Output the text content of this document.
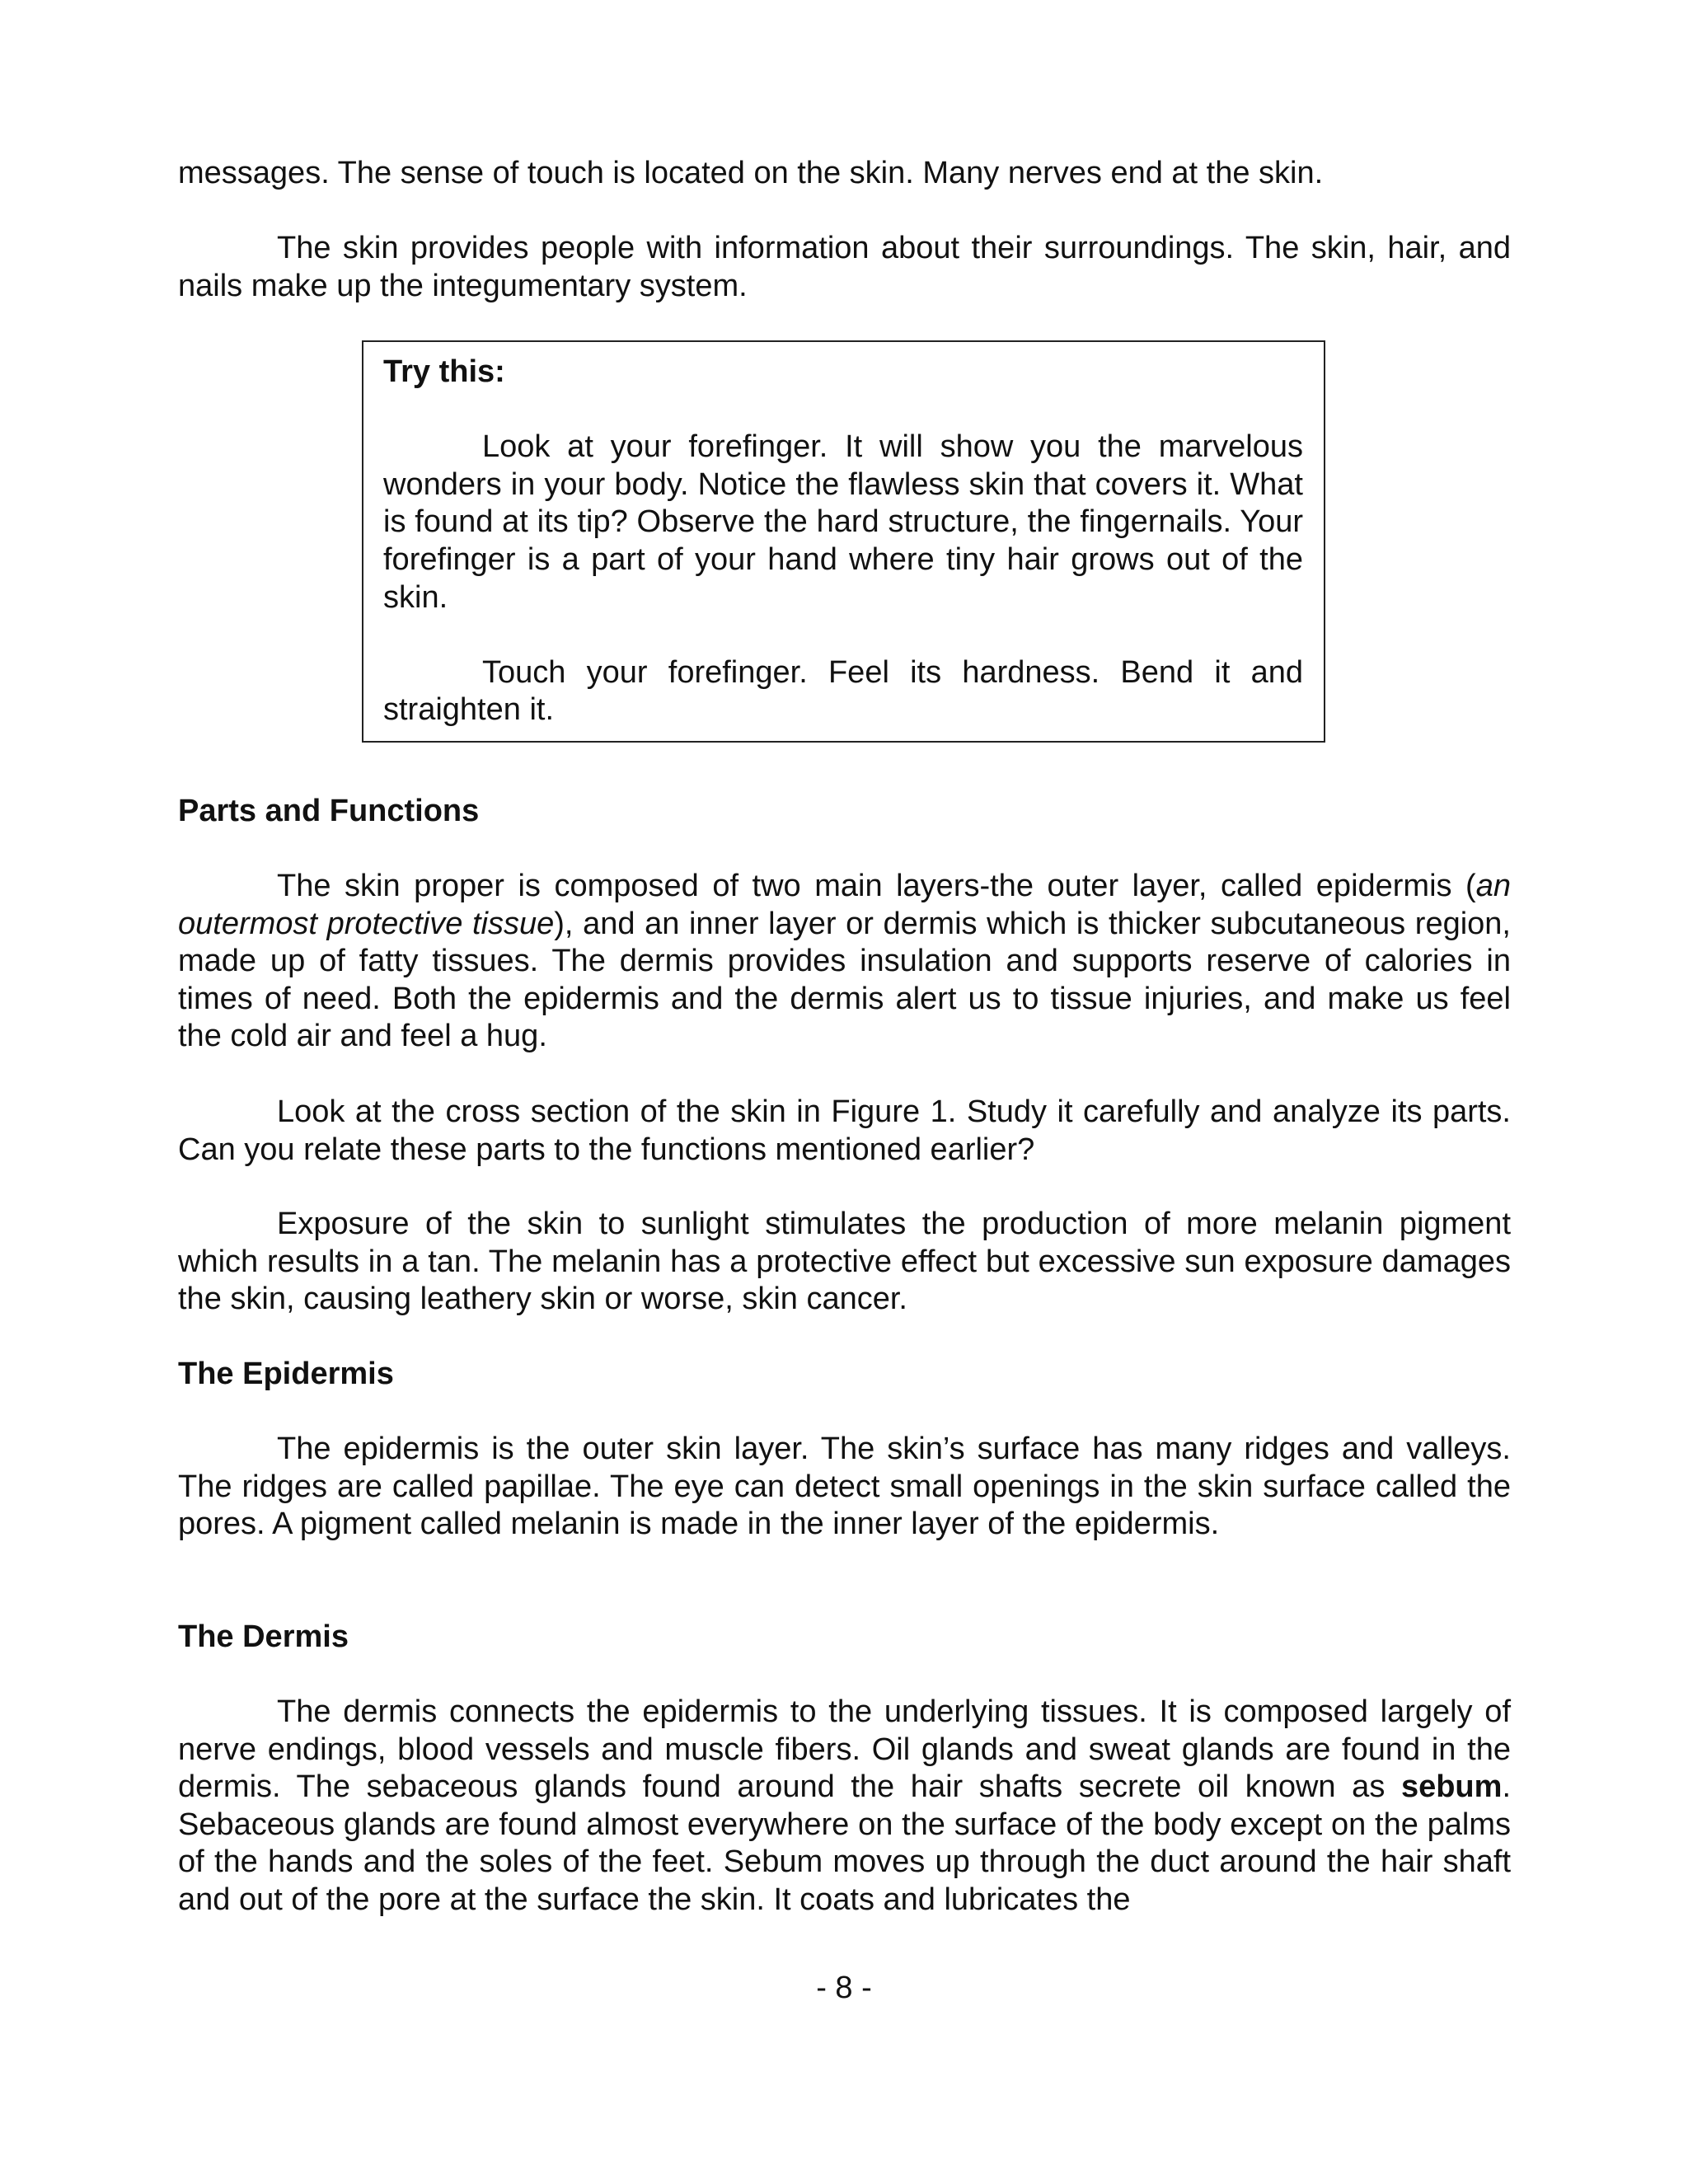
messages. The sense of touch is located on the skin. Many nerves end at the skin.

The skin provides people with information about their surroundings. The skin, hair, and nails make up the integumentary system.

Try this:

Look at your forefinger. It will show you the marvelous wonders in your body. Notice the flawless skin that covers it. What is found at its tip? Observe the hard structure, the fingernails. Your forefinger is a part of your hand where tiny hair grows out of the skin.

Touch your forefinger. Feel its hardness. Bend it and straighten it.

Parts and Functions

The skin proper is composed of two main layers-the outer layer, called epidermis (an outermost protective tissue), and an inner layer or dermis which is thicker subcutaneous region, made up of fatty tissues. The dermis provides insulation and supports reserve of calories in times of need. Both the epidermis and the dermis alert us to tissue injuries, and make us feel the cold air and feel a hug.

Look at the cross section of the skin in Figure 1. Study it carefully and analyze its parts. Can you relate these parts to the functions mentioned earlier?

Exposure of the skin to sunlight stimulates the production of more melanin pigment which results in a tan. The melanin has a protective effect but excessive sun exposure damages the skin, causing leathery skin or worse, skin cancer.

The Epidermis

The epidermis is the outer skin layer. The skin’s surface has many ridges and valleys. The ridges are called papillae. The eye can detect small openings in the skin surface called the pores. A pigment called melanin is made in the inner layer of the epidermis.

The Dermis

The dermis connects the epidermis to the underlying tissues. It is composed largely of nerve endings, blood vessels and muscle fibers. Oil glands and sweat glands are found in the dermis. The sebaceous glands found around the hair shafts secrete oil known as sebum. Sebaceous glands are found almost everywhere on the surface of the body except on the palms of the hands and the soles of the feet. Sebum moves up through the duct around the hair shaft and out of the pore at the surface the skin. It coats and lubricates the

- 8 -
